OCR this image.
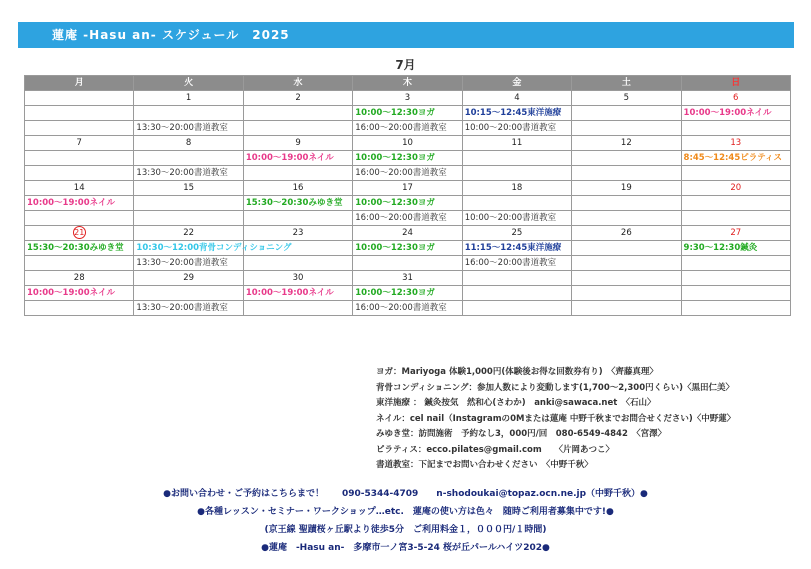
蓮庵 -Hasu an- スケジュール　2025
7月
月	火	水	木	金	土	日
	1	2	3	4	5	6
			10:00～12:30ヨガ	10:15～12:45東洋施療		10:00～19:00ネイル
	13:30～20:00書道教室		16:00～20:00書道教室	10:00～20:00書道教室		
7	8	9	10	11	12	13
		10:00～19:00ネイル	10:00～12:30ヨガ			8:45～12:45ピラティス
	13:30～20:00書道教室		16:00～20:00書道教室			
14	15	16	17	18	19	20
10:00～19:00ネイル		15:30～20:30みゆき堂	10:00～12:30ヨガ			
			16:00～20:00書道教室	10:00～20:00書道教室		
21	22	23	24	25	26	27
15:30～20:30みゆき堂	10:30～12:00背骨コンディショニング		10:00～12:30ヨガ	11:15～12:45東洋施療		9:30～12:30鍼灸
	13:30～20:00書道教室			16:00～20:00書道教室		
28	29	30	31			
10:00～19:00ネイル		10:00～19:00ネイル	10:00～12:30ヨガ			
	13:30～20:00書道教室		16:00～20:00書道教室			
ヨガ：Mariyoga 体験1,000円(体験後お得な回数券有り)　〈齊藤真理〉
背骨コンディショニング：参加人数により変動します(1,700～2,300円くらい)〈黒田仁美〉
東洋施療 ： 鍼灸按気　然和心(さわか)　anki@sawaca.net　〈石山〉
ネイル：cel nail（Instagramの0Mまたは蓮庵 中野千秋までお問合せください)〈中野蓮〉
みゆき堂：訪問施術　予約なし3，000円/回　080-6549-4842　〈宮澤〉
ピラティス：ecco.pilates@gmail.com　　〈片岡あつこ〉
書道教室：下記までお問い合わせください　〈中野千秋〉
●お問い合わせ・ご予約はこちらまで！　　090-5344-4709　　n-shodoukai@topaz.ocn.ne.jp（中野千秋）●
●各種レッスン・セミナー・ワークショップ…etc.　蓮庵の使い方は色々　随時ご利用者募集中です!●
(京王線 聖蹟桜ヶ丘駅より徒歩5分　ご利用料金１，０００円/１時間)
●蓮庵　-Hasu an-　多摩市一ノ宮3-5-24 桜が丘パールハイツ202●
